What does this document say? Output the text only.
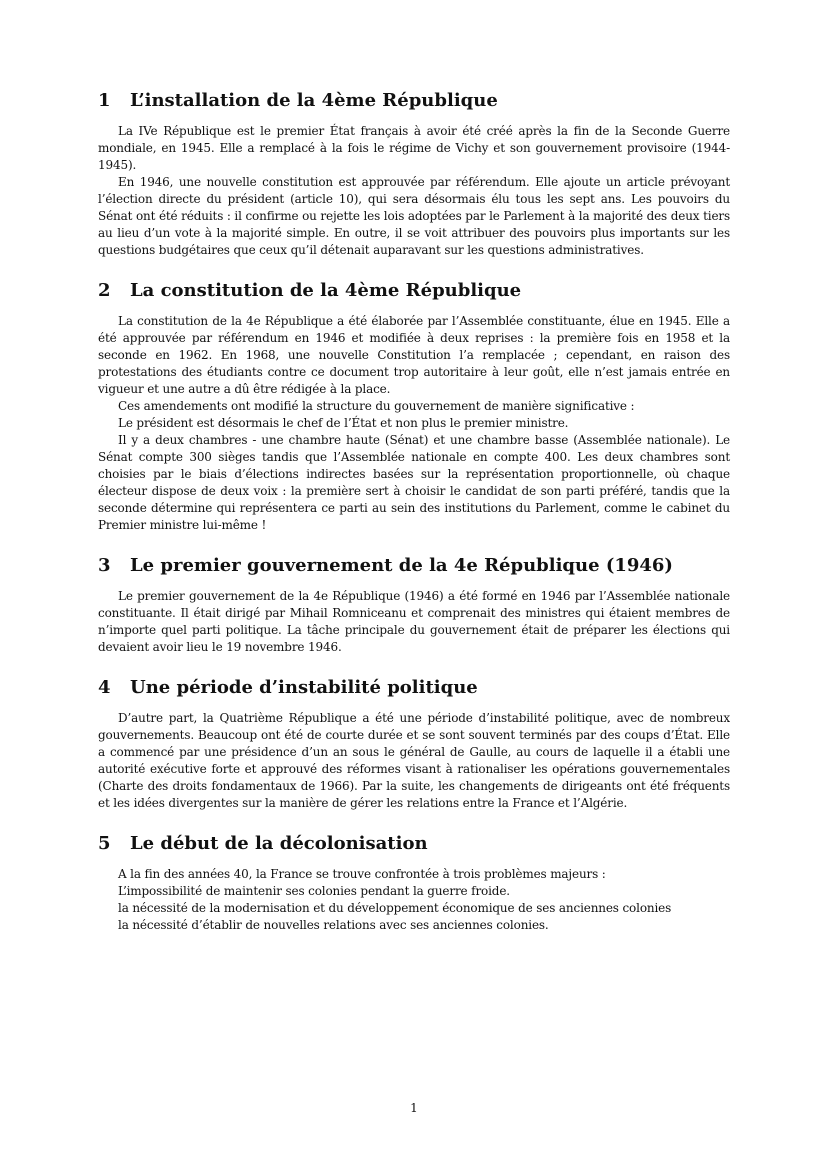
1	L’installation de la 4ème République

La IVe République est le premier État français à avoir été créé après la fin de la Seconde Guerre mondiale, en 1945. Elle a remplacé à la fois le régime de Vichy et son gouvernement provisoire (1944-1945).

En 1946, une nouvelle constitution est approuvée par référendum. Elle ajoute un article prévoyant l’élection directe du président (article 10), qui sera désormais élu tous les sept ans. Les pouvoirs du Sénat ont été réduits : il confirme ou rejette les lois adoptées par le Parlement à la majorité des deux tiers au lieu d’un vote à la majorité simple. En outre, il se voit attribuer des pouvoirs plus importants sur les questions budgétaires que ceux qu’il détenait auparavant sur les questions administratives.

2	La constitution de la 4ème République

La constitution de la 4e République a été élaborée par l’Assemblée constituante, élue en 1945. Elle a été approuvée par référendum en 1946 et modifiée à deux reprises : la première fois en 1958 et la seconde en 1962. En 1968, une nouvelle Constitution l’a remplacée ; cependant, en raison des protestations des étudiants contre ce document trop autoritaire à leur goût, elle n’est jamais entrée en vigueur et une autre a dû être rédigée à la place.

Ces amendements ont modifié la structure du gouvernement de manière significative :

Le président est désormais le chef de l’État et non plus le premier ministre.

Il y a deux chambres - une chambre haute (Sénat) et une chambre basse (Assemblée nationale). Le Sénat compte 300 sièges tandis que l’Assemblée nationale en compte 400. Les deux chambres sont choisies par le biais d’élections indirectes basées sur la représentation proportionnelle, où chaque électeur dispose de deux voix : la première sert à choisir le candidat de son parti préféré, tandis que la seconde détermine qui représentera ce parti au sein des institutions du Parlement, comme le cabinet du Premier ministre lui-même !

3	Le premier gouvernement de la 4e République (1946)

Le premier gouvernement de la 4e République (1946) a été formé en 1946 par l’Assemblée nationale constituante. Il était dirigé par Mihail Romniceanu et comprenait des ministres qui étaient membres de n’importe quel parti politique. La tâche principale du gouvernement était de préparer les élections qui devaient avoir lieu le 19 novembre 1946.

4	Une période d’instabilité politique

D’autre part, la Quatrième République a été une période d’instabilité politique, avec de nombreux gouvernements. Beaucoup ont été de courte durée et se sont souvent terminés par des coups d’État. Elle a commencé par une présidence d’un an sous le général de Gaulle, au cours de laquelle il a établi une autorité exécutive forte et approuvé des réformes visant à rationaliser les opérations gouvernementales (Charte des droits fondamentaux de 1966). Par la suite, les changements de dirigeants ont été fréquents et les idées divergentes sur la manière de gérer les relations entre la France et l’Algérie.

5	Le début de la décolonisation

A la fin des années 40, la France se trouve confrontée à trois problèmes majeurs :

L’impossibilité de maintenir ses colonies pendant la guerre froide.

la nécessité de la modernisation et du développement économique de ses anciennes colonies

la nécessité d’établir de nouvelles relations avec ses anciennes colonies.

1
